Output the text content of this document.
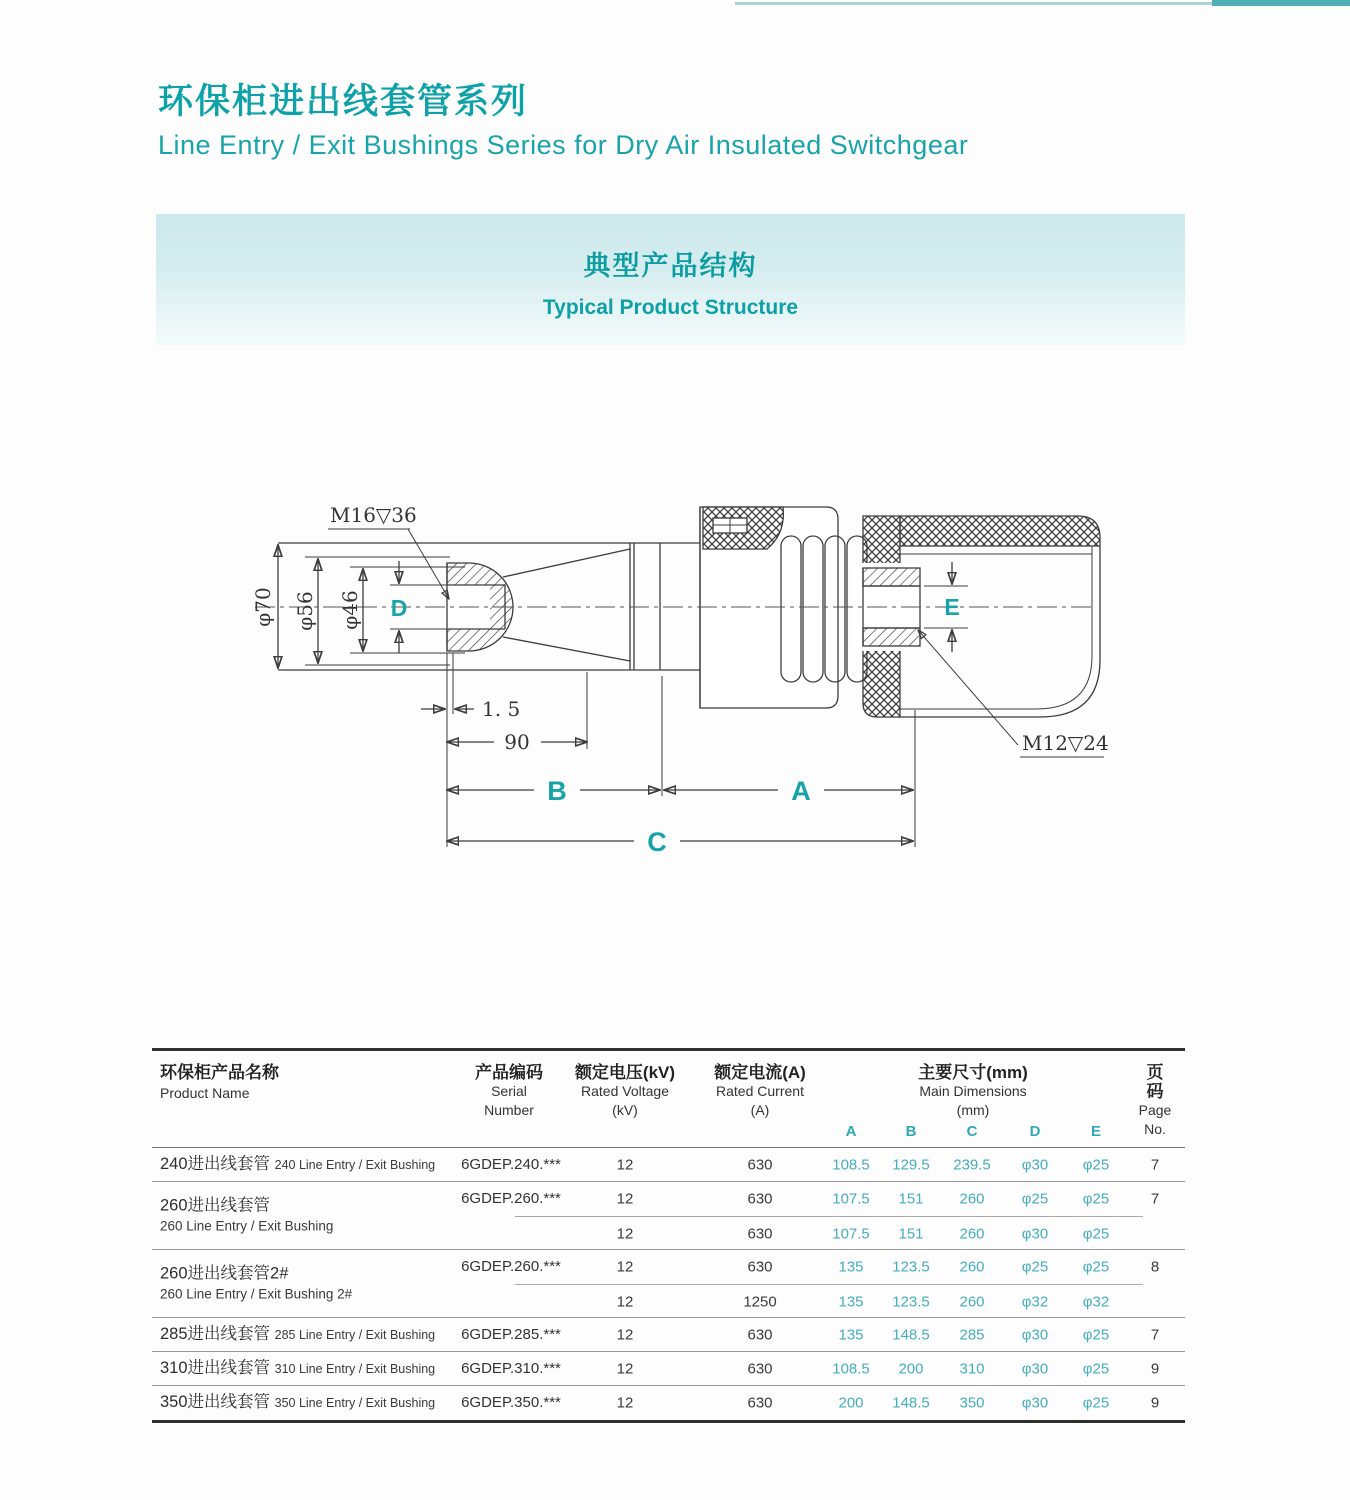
环保柜进出线套管系列
Line Entry / Exit Bushings Series for Dry Air Insulated Switchgear
典型产品结构
Typical Product Structure
φ70 φ56 φ46 D
M16▽36
E
M12▽24
1. 5
90
B	A
C
环保柜产品名称
Product Name
产品编码
Serial
Number
额定电压(kV)
Rated Voltage
(kV)
额定电流(A)
Rated Current
(A)
主要尺寸(mm)
Main Dimensions
(mm)
页码
Page
No.
A	B	C	D	E
240进出线套管 240 Line Entry / Exit Bushing	6GDEP.240.***	12	630	108.5 129.5 239.5 φ30 φ25	7
260进出线套管
260 Line Entry / Exit Bushing
6GDEP.260.***	12	630	107.5 151 260 φ25 φ25	7
12	630	107.5 151 260 φ30 φ25
260进出线套管2#
260 Line Entry / Exit Bushing 2#
6GDEP.260.***	12	630	135 123.5 260 φ25 φ25	8
12	1250	135 123.5 260 φ32 φ32
285进出线套管 285 Line Entry / Exit Bushing	6GDEP.285.***	12	630	135 148.5 285 φ30 φ25	7
310进出线套管 310 Line Entry / Exit Bushing	6GDEP.310.***	12	630	108.5 200 310 φ30 φ25	9
350进出线套管 350 Line Entry / Exit Bushing	6GDEP.350.***	12	630	200 148.5 350 φ30 φ25	9
